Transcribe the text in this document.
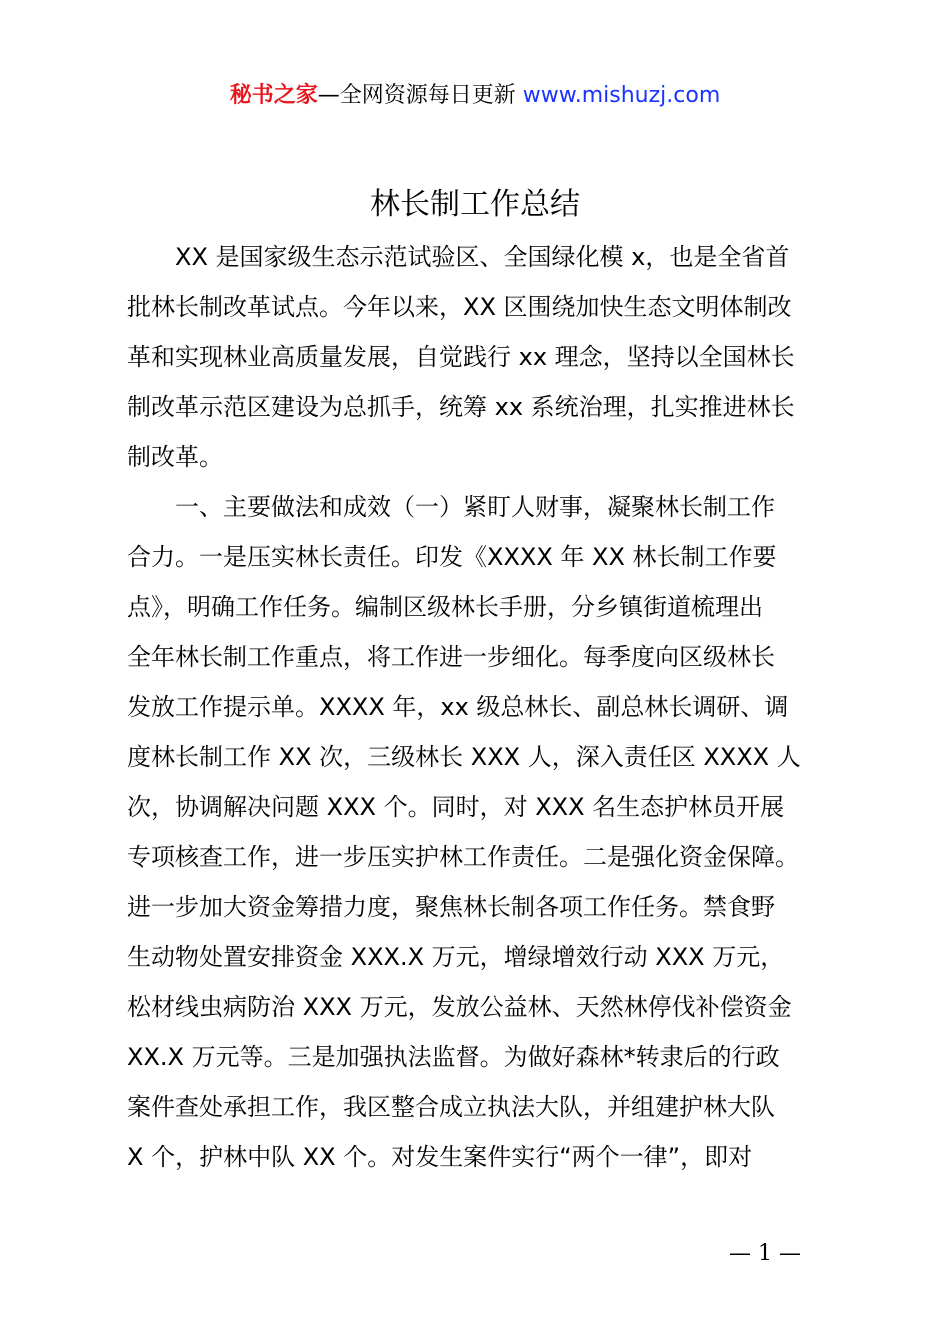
秘书之家—全网资源每日更新 www.mishuzj.com
林长制工作总结
XX 是国家级生态示范试验区、全国绿化模 x，也是全省首
批林长制改革试点。今年以来，XX 区围绕加快生态文明体制改
革和实现林业高质量发展，自觉践行 xx 理念，坚持以全国林长
制改革示范区建设为总抓手，统筹 xx 系统治理，扎实推进林长
制改革。
一、主要做法和成效（一）紧盯人财事，凝聚林长制工作
合力。一是压实林长责任。印发《XXXX 年 XX 林长制工作要
点》，明确工作任务。编制区级林长手册，分乡镇街道梳理出
全年林长制工作重点，将工作进一步细化。每季度向区级林长
发放工作提示单。XXXX 年，xx 级总林长、副总林长调研、调
度林长制工作 XX 次，三级林长 XXX 人，深入责任区 XXXX 人
次，协调解决问题 XXX 个。同时，对 XXX 名生态护林员开展
专项核查工作，进一步压实护林工作责任。二是强化资金保障。
进一步加大资金筹措力度，聚焦林长制各项工作任务。禁食野
生动物处置安排资金 XXX.X 万元，增绿增效行动 XXX 万元，
松材线虫病防治 XXX 万元，发放公益林、天然林停伐补偿资金
XX.X 万元等。三是加强执法监督。为做好森林*转隶后的行政
案件查处承担工作，我区整合成立执法大队，并组建护林大队
X 个，护林中队 XX 个。对发生案件实行“两个一律”，即对
— 1 —
